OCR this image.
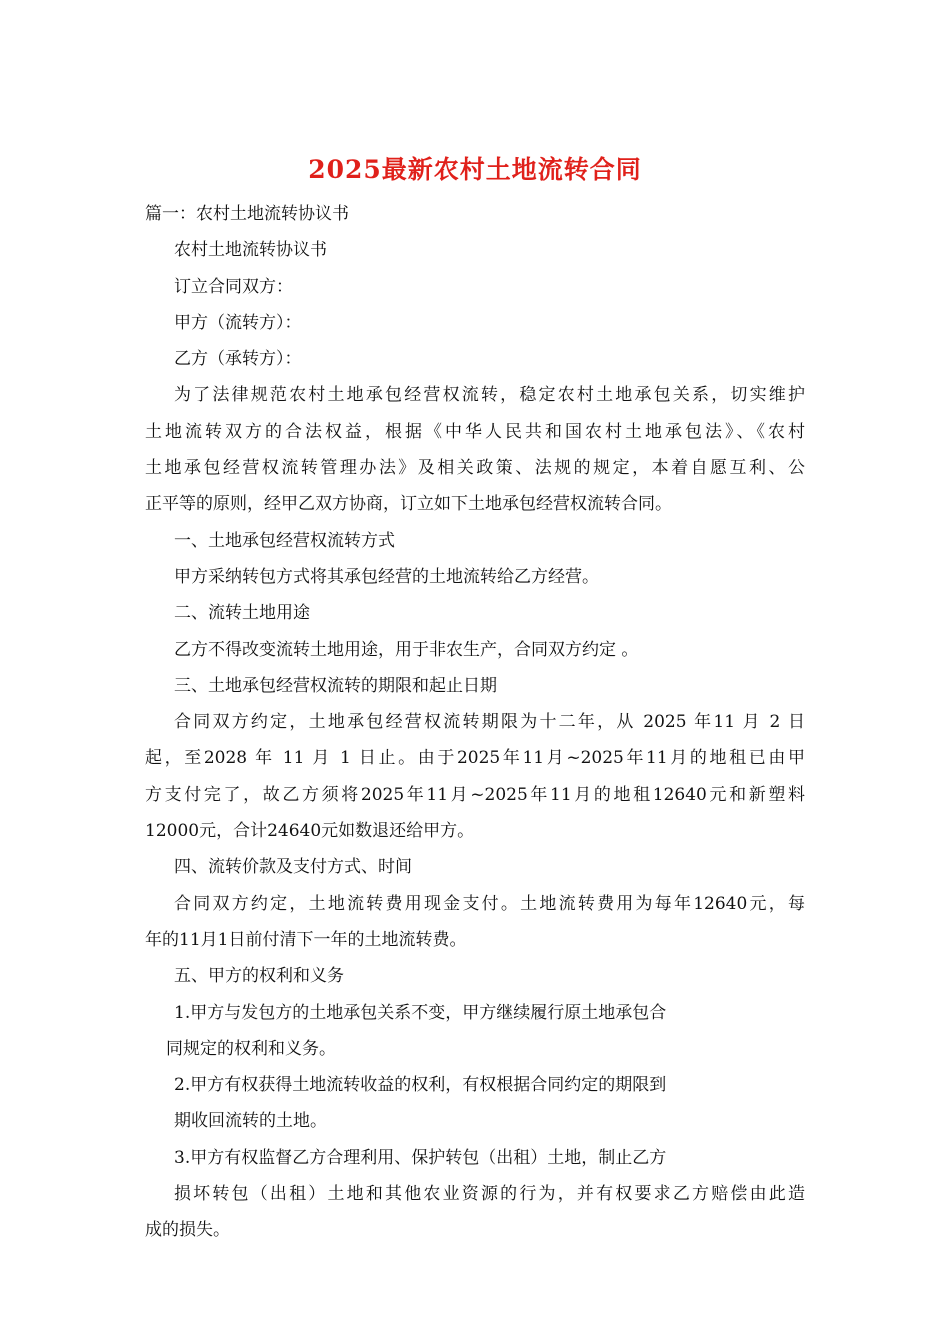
2025最新农村土地流转合同
篇一：农村土地流转协议书
农村土地流转协议书
订立合同双方：
甲方（流转方）：
乙方（承转方）：
为了法律规范农村土地承包经营权流转，稳定农村土地承包关系，切实维护
土地流转双方的合法权益，根据《中华人民共和国农村土地承包法》、《农村
土地承包经营权流转管理办法》及相关政策、法规的规定，本着自愿互利、公
正平等的原则，经甲乙双方协商，订立如下土地承包经营权流转合同。
一、土地承包经营权流转方式
甲方采纳转包方式将其承包经营的土地流转给乙方经营。
二、流转土地用途
乙方不得改变流转土地用途，用于非农生产，合同双方约定 。
三、土地承包经营权流转的期限和起止日期
合同双方约定，土地承包经营权流转期限为十二年，从 2025 年11 月 2 日
起，至2028 年 11 月 1 日止。由于2025年11月~2025年11月的地租已由甲
方支付完了，故乙方须将2025年11月~2025年11月的地租12640元和新塑料
12000元，合计24640元如数退还给甲方。
四、流转价款及支付方式、时间
合同双方约定，土地流转费用现金支付。土地流转费用为每年12640元，每
年的11月1日前付清下一年的土地流转费。
五、甲方的权利和义务
1.甲方与发包方的土地承包关系不变，甲方继续履行原土地承包合
同规定的权利和义务。
2.甲方有权获得土地流转收益的权利，有权根据合同约定的期限到
期收回流转的土地。
3.甲方有权监督乙方合理利用、保护转包（出租）土地，制止乙方
损坏转包（出租）土地和其他农业资源的行为，并有权要求乙方赔偿由此造
成的损失。
